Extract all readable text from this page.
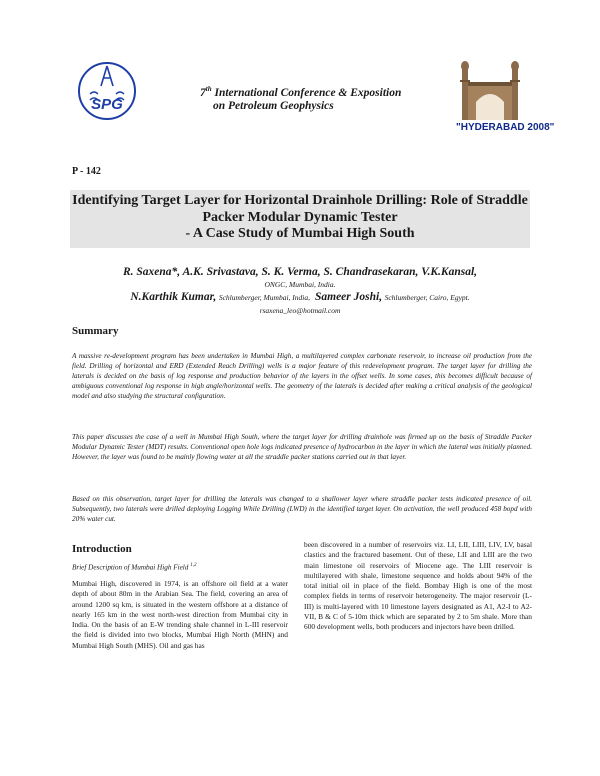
SPG
7th International Conference & Exposition
on Petroleum Geophysics
"HYDERABAD 2008"
P - 142
Identifying Target Layer for Horizontal Drainhole Drilling: Role of Straddle
Packer Modular Dynamic Tester
- A Case Study of Mumbai High South
R. Saxena*, A.K. Srivastava, S. K. Verma, S. Chandrasekaran, V.K.Kansal,
ONGC, Mumbai, India.
N.Karthik Kumar, Schlumberger, Mumbai, India, Sameer Joshi, Schlumberger, Cairo, Egypt.
rsaxena_leo@hotmail.com
Summary
A massive re-development program has been undertaken in Mumbai High, a multilayered complex carbonate reservoir, to increase oil production from the field. Drilling of horizontal and ERD (Extended Reach Drilling) wells is a major feature of this redevelopment program. The target layer for drilling the laterals is decided on the basis of log response and production behavior of the layers in the offset wells. In some cases, this becomes difficult because of ambiguous conventional log response in high angle/horizontal wells. The geometry of the laterals is decided after making a critical analysis of the geological model and also studying the structural configuration.
This paper discusses the case of a well in Mumbai High South, where the target layer for drilling drainhole was firmed up on the basis of Straddle Packer Modular Dynamic Tester (MDT) results. Conventional open hole logs indicated presence of hydrocarbon in the layer in which the lateral was initially planned. However, the layer was found to be mainly flowing water at all the straddle packer stations carried out in that layer.
Based on this observation, target layer for drilling the laterals was changed to a shallower layer where straddle packer tests indicated presence of oil. Subsequently, two laterals were drilled deploying Logging While Drilling (LWD) in the identified target layer. On activation, the well produced 458 bopd with 20% water cut.
Introduction
Brief Description of Mumbai High Field $^{1,2}$
Mumbai High, discovered in 1974, is an offshore oil field at a water depth of about 80m in the Arabian Sea. The field, covering an area of around 1200 sq km, is situated in the western offshore at a distance of nearly 165 km in the west north-west direction from Mumbai city in India. On the basis of an E-W trending shale channel in L-III reservoir the field is divided into two blocks, Mumbai High North (MHN) and Mumbai High South (MHS). Oil and gas has
been discovered in a number of reservoirs viz. LI, LII, LIII, LIV, LV, basal clastics and the fractured basement. Out of these, LII and LIII are the two main limestone oil reservoirs of Miocene age. The LIII reservoir is multilayered with shale, limestone sequence and holds about 94% of the total initial oil in place of the field. Bombay High is one of the most complex fields in terms of reservoir heterogeneity. The major reservoir (L-III) is multi-layered with 10 limestone layers designated as A1, A2-I to A2-VII, B & C of 5-10m thick which are separated by 2 to 5m shale. More than 600 development wells, both producers and injectors have been drilled.
